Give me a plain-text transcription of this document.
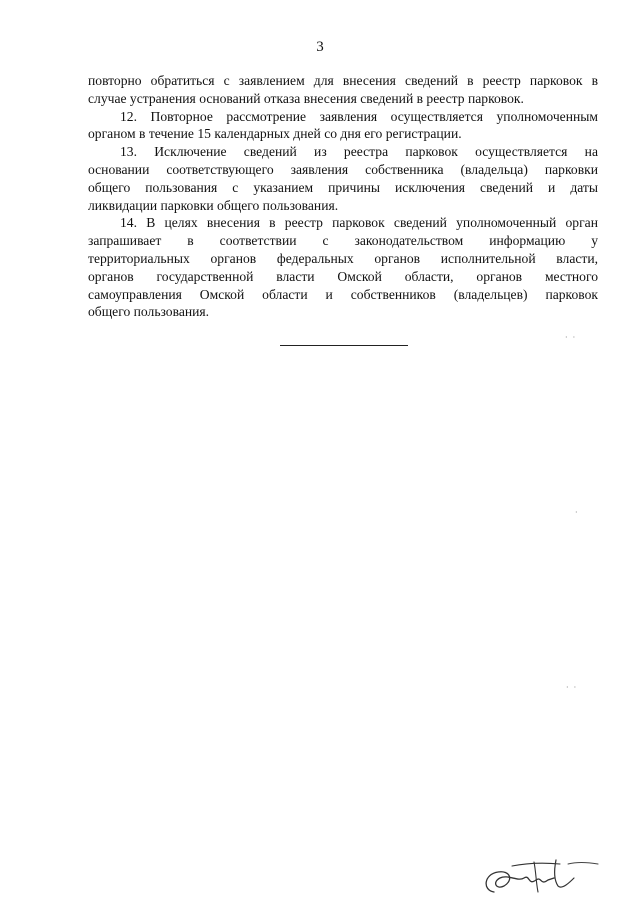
3
повторно обратиться с заявлением для внесения сведений в реестр парковок в
случае устранения оснований отказа внесения сведений в реестр парковок.
12. Повторное рассмотрение заявления осуществляется уполномоченным
органом в течение 15 календарных дней со дня его регистрации.
13. Исключение сведений из реестра парковок осуществляется на
основании соответствующего заявления собственника (владельца) парковки
общего пользования с указанием причины исключения сведений и даты
ликвидации парковки общего пользования.
14. В целях внесения в реестр парковок сведений уполномоченный орган
запрашивает в соответствии с законодательством информацию у
территориальных органов федеральных органов исполнительной власти,
органов государственной власти Омской области, органов местного
самоуправления Омской области и собственников (владельцев) парковок
общего пользования.
·  ·
·
·  ·
